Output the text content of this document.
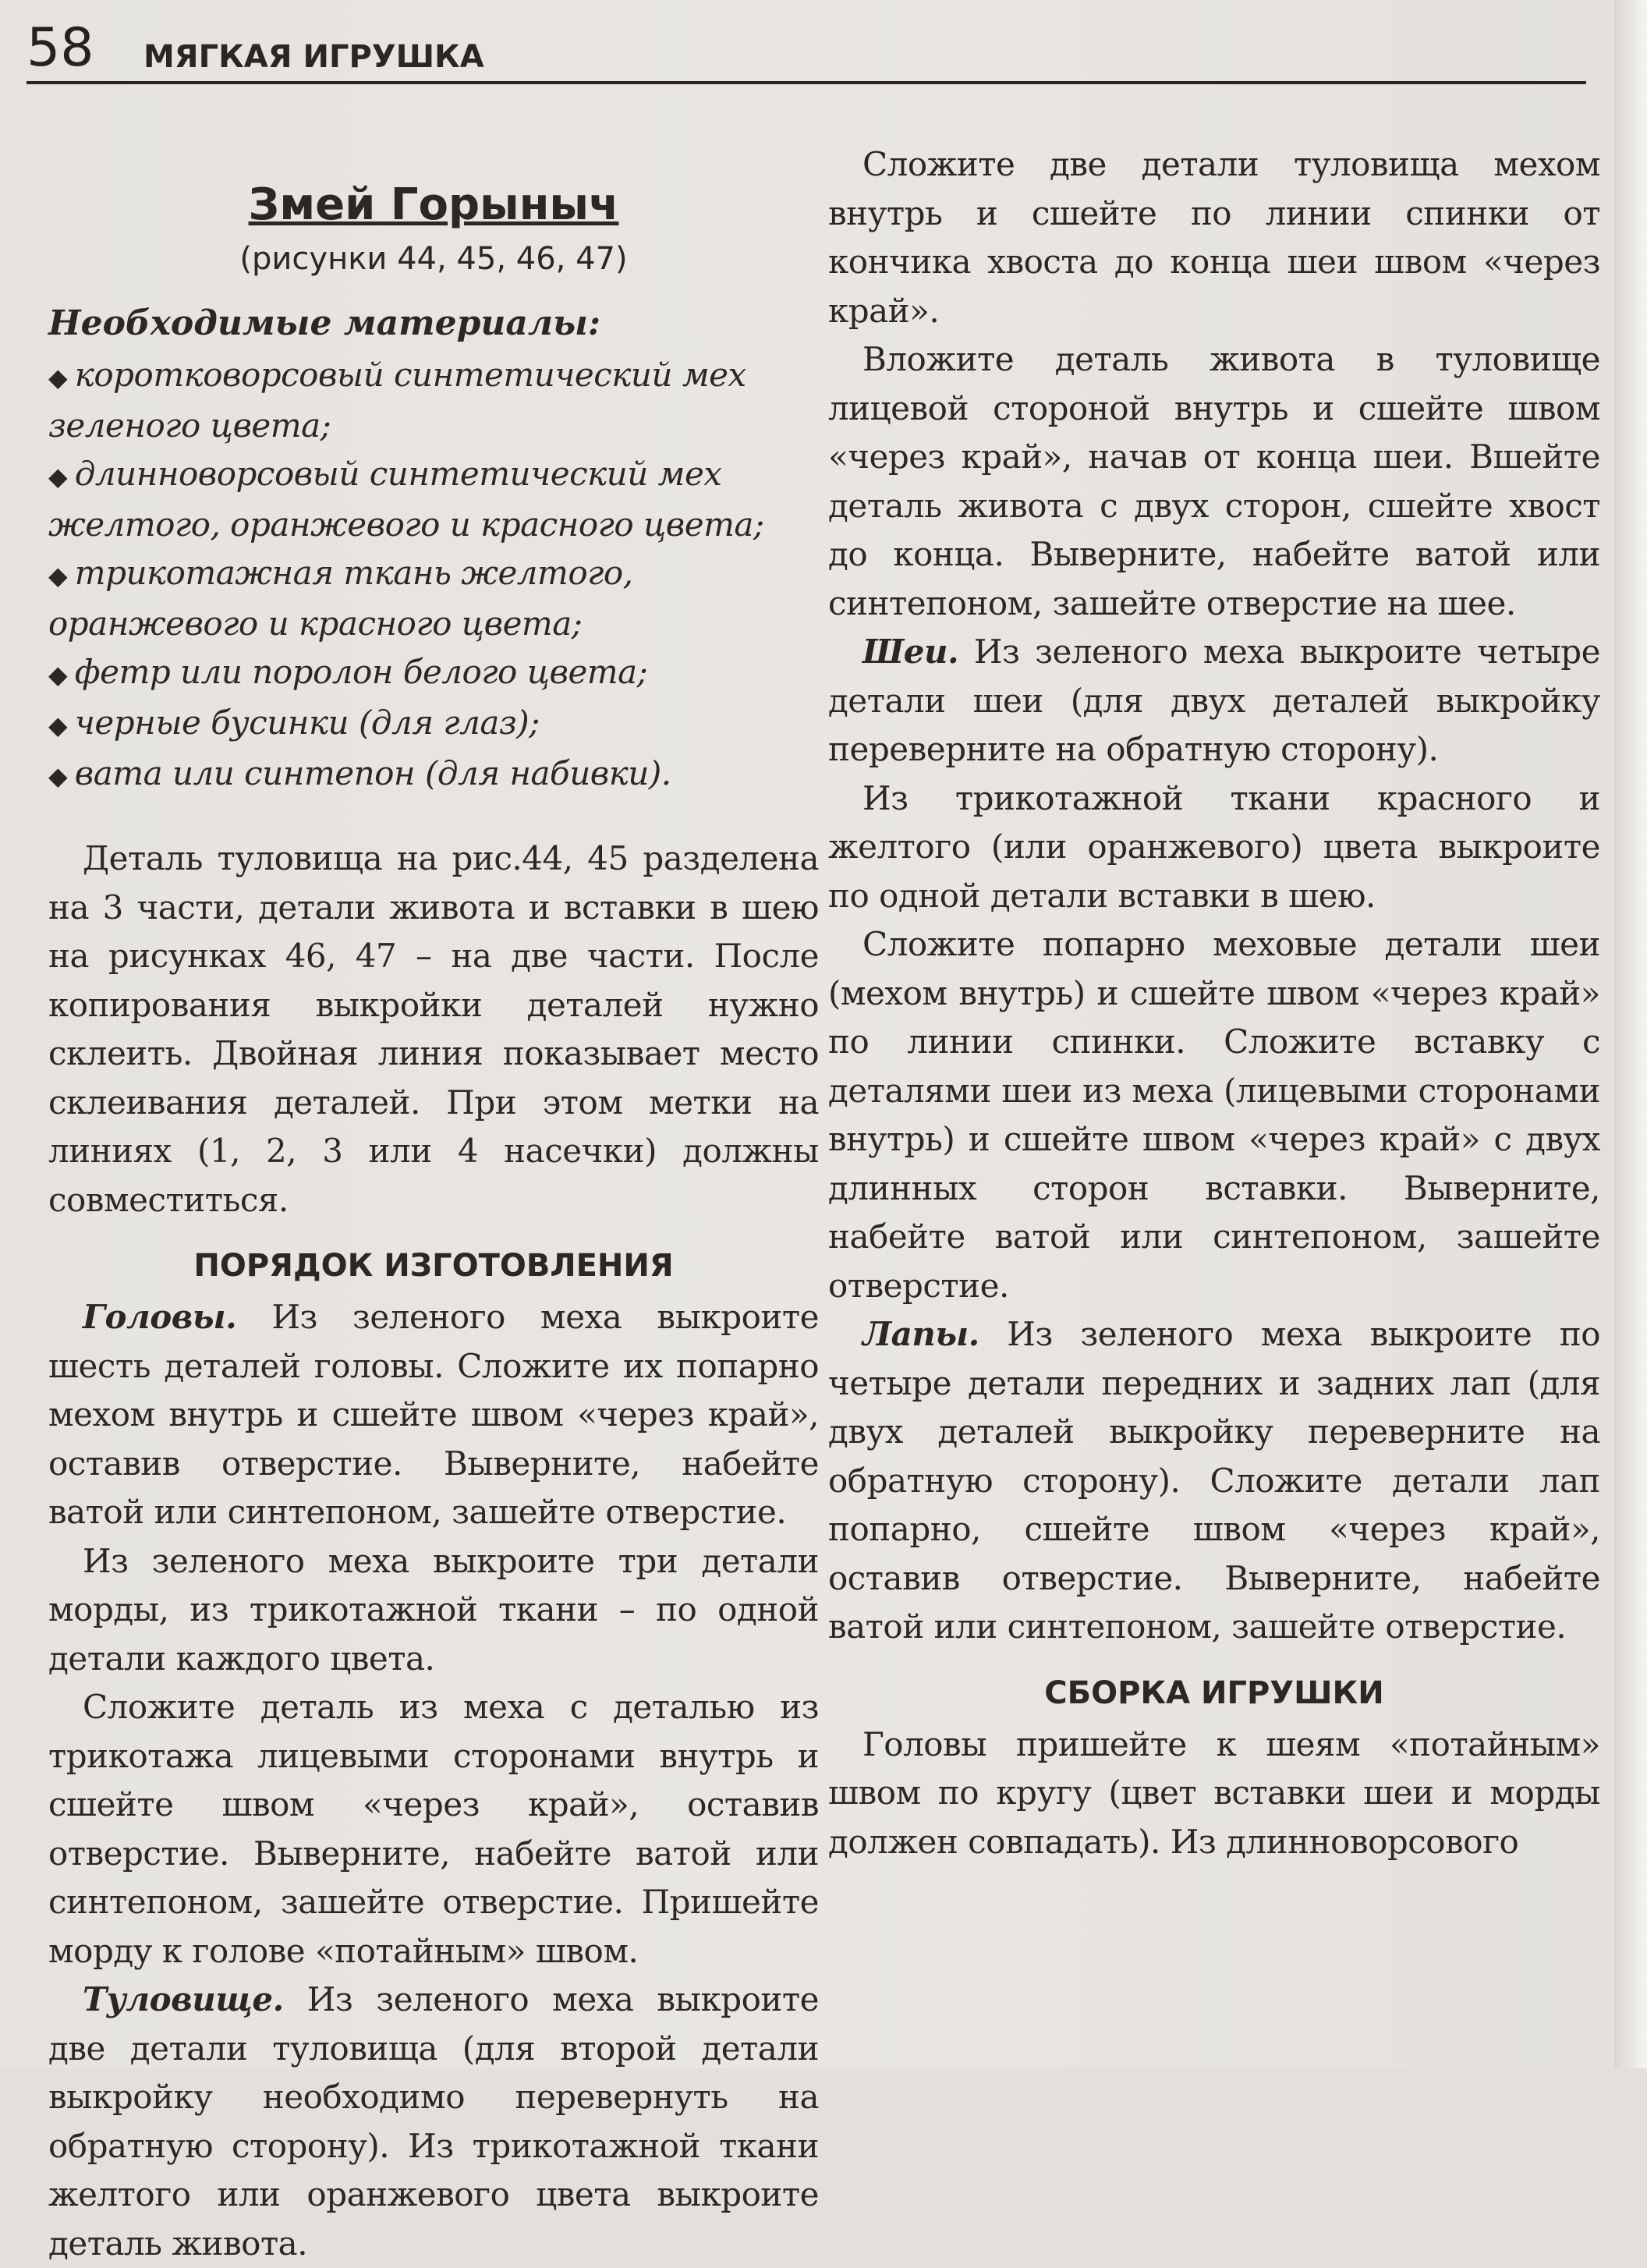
58 МЯГКАЯ ИГРУШКА
Змей Горыныч
(рисунки 44, 45, 46, 47)

Необходимые материалы:

◆ коротковорсовый синтетический мех зеленого цвета;
◆ длинноворсовый синтетический мех желтого, оранжевого и красного цвета;
◆ трикотажная ткань желтого, оранжевого и красного цвета;
◆ фетр или поролон белого цвета;
◆ черные бусинки (для глаз);
◆ вата или синтепон (для набивки).

Деталь туловища на рис.44, 45 разделена на 3 части, детали живота и вставки в шею на рисунках 46, 47 – на две части. После копирования выкройки деталей нужно склеить. Двойная линия показывает место склеивания деталей. При этом метки на линиях (1, 2, 3 или 4 насечки) должны совместиться.

ПОРЯДОК ИЗГОТОВЛЕНИЯ

Головы. Из зеленого меха выкроите шесть деталей головы. Сложите их попарно мехом внутрь и сшейте швом «через край», оставив отверстие. Выверните, набейте ватой или синтепоном, зашейте отверстие.

Из зеленого меха выкроите три детали морды, из трикотажной ткани – по одной детали каждого цвета.

Сложите деталь из меха с деталью из трикотажа лицевыми сторонами внутрь и сшейте швом «через край», оставив отверстие. Выверните, набейте ватой или синтепоном, зашейте отверстие. Пришейте морду к голове «потайным» швом.

Туловище. Из зеленого меха выкроите две детали туловища (для второй детали выкройку необходимо перевернуть на обратную сторону). Из трикотажной ткани желтого или оранжевого цвета выкроите деталь живота.

Сложите две детали туловища мехом внутрь и сшейте по линии спинки от кончика хвоста до конца шеи швом «через край».

Вложите деталь живота в туловище лицевой стороной внутрь и сшейте швом «через край», начав от конца шеи. Вшейте деталь живота с двух сторон, сшейте хвост до конца. Выверните, набейте ватой или синтепоном, зашейте отверстие на шее.

Шеи. Из зеленого меха выкроите четыре детали шеи (для двух деталей выкройку переверните на обратную сторону).

Из трикотажной ткани красного и желтого (или оранжевого) цвета выкроите по одной детали вставки в шею.

Сложите попарно меховые детали шеи (мехом внутрь) и сшейте швом «через край» по линии спинки. Сложите вставку с деталями шеи из меха (лицевыми сторонами внутрь) и сшейте швом «через край» с двух длинных сторон вставки. Выверните, набейте ватой или синтепоном, зашейте отверстие.

Лапы. Из зеленого меха выкроите по четыре детали передних и задних лап (для двух деталей выкройку переверните на обратную сторону). Сложите детали лап попарно, сшейте швом «через край», оставив отверстие. Выверните, набейте ватой или синтепоном, зашейте отверстие.

СБОРКА ИГРУШКИ

Головы пришейте к шеям «потайным» швом по кругу (цвет вставки шеи и морды должен совпадать). Из длинноворсового
